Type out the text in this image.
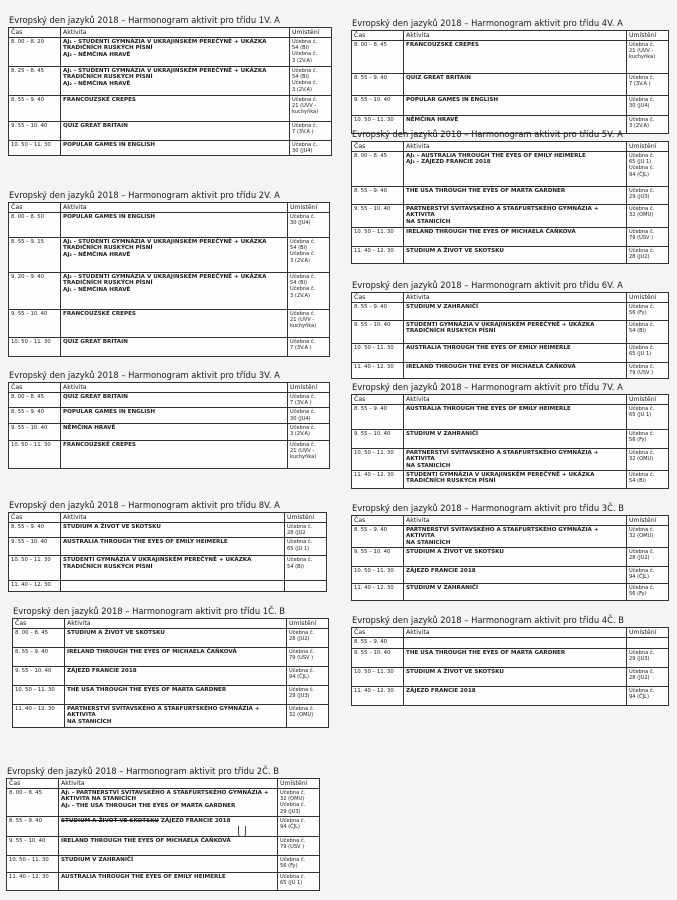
Evropský den jazyků 2018 – Harmonogram aktivit pro třídu 1V. A
Čas	Aktivita	Umístění
8. 00 – 8. 20	AJ₁ - STUDENTI GYMNÁZIA V UKRAJINSKÉM PEREČYNĚ + UKÁZKA
TRADIČNÍCH RUSKÝCH PÍSNÍ
AJ₂ - NĚMČINA HRAVĚ	Učebna č.
54 (Bi)
Učebna č.
3 (2V.A)

8. 25 – 8. 45	AJ₁ - STUDENTI GYMNÁZIA V UKRAJINSKÉM PEREČYNĚ + UKÁZKA
TRADIČNÍCH RUSKÝCH PÍSNÍ
AJ₂ - NĚMČINA HRAVĚ	Učebna č.
54 (Bi)
Učebna č.
3 (2V.A)

8. 55 – 9. 40	FRANCOUZSKÉ CREPES	Učebna č.
21 (UVV -
kuchyňka)

9. 55 – 10. 40	QUIZ GREAT BRITAIN	Učebna č.
7 (3V.A )

10. 50 – 11. 30	POPULAR GAMES IN ENGLISH	Učebna č.
30 (JU4)
Evropský den jazyků 2018 – Harmonogram aktivit pro třídu 2V. A
Čas	Aktivita	Umístění
8. 00 – 8. 50	POPULAR GAMES IN ENGLISH	Učebna č.
30 (JU4)

8. 55 – 9. 15	AJ₁ - STUDENTI GYMNÁZIA V UKRAJINSKÉM PEREČYNĚ + UKÁZKA
TRADIČNÍCH RUSKÝCH PÍSNÍ
AJ₂ - NĚMČINA HRAVĚ	Učebna č.
54 (Bi)
Učebna č.
3 (2V.A)

9. 20 – 9. 40	AJ₂ - STUDENTI GYMNÁZIA V UKRAJINSKÉM PEREČYNĚ + UKÁZKA
TRADIČNÍCH RUSKÝCH PÍSNÍ
AJ₁ - NĚMČINA HRAVĚ	Učebna č.
54 (Bi)
Učebna č.
3 (2V.A)

9. 55 – 10. 40	FRANCOUZSKÉ CREPES	Učebna č.
21 (UVV -
kuchyňka)

10. 50 – 11. 30	QUIZ GREAT BRITAIN	Učebna č.
7 (3V.A )
Evropský den jazyků 2018 – Harmonogram aktivit pro třídu 3V. A
Čas	Aktivita	Umístění
8. 00 – 8. 45	QUIZ GREAT BRITAIN	Učebna č.
7 (3V.A )

8. 55 – 9. 40	POPULAR GAMES IN ENGLISH	Učebna č.
30 (JU4)

9. 55 – 10. 40	NĚMČINA HRAVĚ	Učebna č.
3 (2V.A)

10. 50 – 11. 30	FRANCOUZSKÉ CREPES	Učebna č.
21 (UVV -
kuchyňka)
Evropský den jazyků 2018 – Harmonogram aktivit pro třídu 8V. A
Čas	Aktivita	Umístění
8. 55 – 9. 40	STUDIUM A ŽIVOT VE SKOTSKU	Učebna č.
28 (JU2

9. 55 – 10. 40	AUSTRALIA THROUGH THE EYES OF EMILY HEIMERLE	Učebna č.
65 (JU 1)

10. 50 – 11. 30	STUDENTI GYMNÁZIA V UKRAJINSKÉM PEREČYNĚ + UKÁZKA
TRADIČNÍCH RUSKÝCH PÍSNÍ	Učebna č.
54 (Bi)

11. 40 – 12. 30	

Evropský den jazyků 2018 – Harmonogram aktivit pro třídu 1Č. B
Čas	Aktivita	Umístění
8. 00 – 8. 45	STUDIUM A ŽIVOT VE SKOTSKU	Učebna č.
28 (JU2)

8. 55 – 9. 40	IRELAND THROUGH THE EYES OF MICHAELA ČAŇKOVÁ	Učebna č.
79 (USV )

9. 55 – 10. 40	ZÁJEZD FRANCIE 2018	Učebna č.
94 (ČJL)

10. 50 – 11. 30	THE USA THROUGH THE EYES OF MARTA GARDNER	Učebna č.
29 (JU3)

11. 40 – 12. 30	PARTNERSTVÍ SVITAVSKÉHO A STAßFURTSKÉHO GYMNÁZIA + AKTIVITA
NA STANICÍCH	Učebna č.
32 (OMU)
Evropský den jazyků 2018 – Harmonogram aktivit pro třídu 2Č. B
Čas	Aktivita	Umístění
8. 00 – 8. 45	AJ₁ - PARTNERSTVÍ SVITAVSKÉHO A STAßFURTSKÉHO GYMNÁZIA +
AKTIVITA NA STANICÍCH
AJ₂ - THE USA THROUGH THE EYES OF MARTA GARDNER	Učebna č.
32 (OMU)
Učebna č.
29 (JU3)

8. 55 – 9. 40	STUDIUM A ŽIVOT VE SKOTSKU ZÁJEZD FRANCIE 2018	Učebna č.
94 (ČJL)

9. 55 – 10. 40	IRELAND THROUGH THE EYES OF MICHAELA ČAŇKOVÁ	Učebna č.
79 (USV )

10. 50 – 11. 30	STUDIUM V ZAHRANIČÍ	Učebna č.
56 (Fy)

11. 40 – 12. 30	AUSTRALIA THROUGH THE EYES OF EMILY HEIMERLE	Učebna č.
65 (JU 1)
Evropský den jazyků 2018 – Harmonogram aktivit pro třídu 4V. A
Čas	Aktivita	Umístění
8. 00 – 8. 45	FRANCOUZSKÉ CREPES	Učebna č.
21 (UVV -
kuchyňka)

8. 55 – 9. 40	QUIZ GREAT BRITAIN	Učebna č.
7 (3V.A )

9. 55 – 10. 40	POPULAR GAMES IN ENGLISH	Učebna č.
30 (JU4)

10. 50 – 11. 30	NĚMČINA HRAVĚ	Učebna č.
3 (2V.A)
Evropský den jazyků 2018 – Harmonogram aktivit pro třídu 5V. A
Čas	Aktivita	Umístění
8. 00 – 8. 45	AJ₁ - AUSTRALIA THROUGH THE EYES OF EMILY HEIMERLE
AJ₂ - ZÁJEZD FRANCIE 2018	Učebna č.
65 (JU 1)
Učebna č.
94 (ČJL)

8. 55 – 9. 40	THE USA THROUGH THE EYES OF MARTA GARDNER	Učebna č.
29 (JU3)

9. 55 – 10. 40	PARTNERSTVÍ SVITAVSKÉHO A STAßFURTSKÉHO GYMNÁZIA + AKTIVITA
NA STANICÍCH	Učebna č.
32 (OMU)

10. 50 – 11. 30	IRELAND THROUGH THE EYES OF MICHAELA ČAŇKOVÁ	Učebna č.
79 (USV )

11. 40 – 12. 30	STUDIUM A ŽIVOT VE SKOTSKU	Učebna č.
28 (JU2)
Evropský den jazyků 2018 – Harmonogram aktivit pro třídu 6V. A
Čas	Aktivita	Umístění
8. 55 – 9. 40	STUDIUM V ZAHRANIČÍ	Učebna č.
56 (Fy)

9. 55 – 10. 40	STUDENTI GYMNÁZIA V UKRAJINSKÉM PEREČYNĚ + UKÁZKA
TRADIČNÍCH RUSKÝCH PÍSNÍ	Učebna č.
54 (Bi)

10. 50 – 11. 30	AUSTRALIA THROUGH THE EYES OF EMILY HEIMERLE	Učebna č.
65 (JU 1)

11. 40 – 12. 30	IRELAND THROUGH THE EYES OF MICHAELA ČAŇKOVÁ	Učebna č.
79 (USV )
Evropský den jazyků 2018 – Harmonogram aktivit pro třídu 7V. A
Čas	Aktivita	Umístění
8. 55 – 9. 40	AUSTRALIA THROUGH THE EYES OF EMILY HEIMERLE	Učebna č.
65 (JU 1)

9. 55 – 10. 40	STUDIUM V ZAHRANIČÍ	Učebna č.
56 (Fy)

10. 50 – 11. 30	PARTNERSTVÍ SVITAVSKÉHO A STAßFURTSKÉHO GYMNÁZIA + AKTIVITA
NA STANICÍCH	Učebna č.
32 (OMU)

11. 40 – 12. 30	STUDENTI GYMNÁZIA V UKRAJINSKÉM PEREČYNĚ + UKÁZKA
TRADIČNÍCH RUSKÝCH PÍSNÍ	Učebna č.
54 (Bi)
Evropský den jazyků 2018 – Harmonogram aktivit pro třídu 3Č. B
Čas	Aktivita	Umístění
8. 55 – 9. 40	PARTNERSTVÍ SVITAVSKÉHO A STAßFURTSKÉHO GYMNÁZIA + AKTIVITA
NA STANICÍCH	Učebna č.
32 (OMU)

9. 55 – 10. 40	STUDIUM A ŽIVOT VE SKOTSKU	Učebna č.
28 (JU2)

10. 50 – 11. 30	ZÁJEZD FRANCIE 2018	Učebna č.
94 (ČJL)

11. 40 – 12. 30	STUDIUM V ZAHRANIČÍ	Učebna č.
56 (Fy)
Evropský den jazyků 2018 – Harmonogram aktivit pro třídu 4Č. B
Čas	Aktivita	Umístění
8. 55 – 9. 40	

9. 55 – 10. 40	THE USA THROUGH THE EYES OF MARTA GARDNER	Učebna č.
29 (JU3)

10. 50 – 11. 30	STUDIUM A ŽIVOT VE SKOTSKU	Učebna č.
28 (JU2)

11. 40 – 12. 30	ZÁJEZD FRANCIE 2018	Učebna č.
94 (ČJL)
